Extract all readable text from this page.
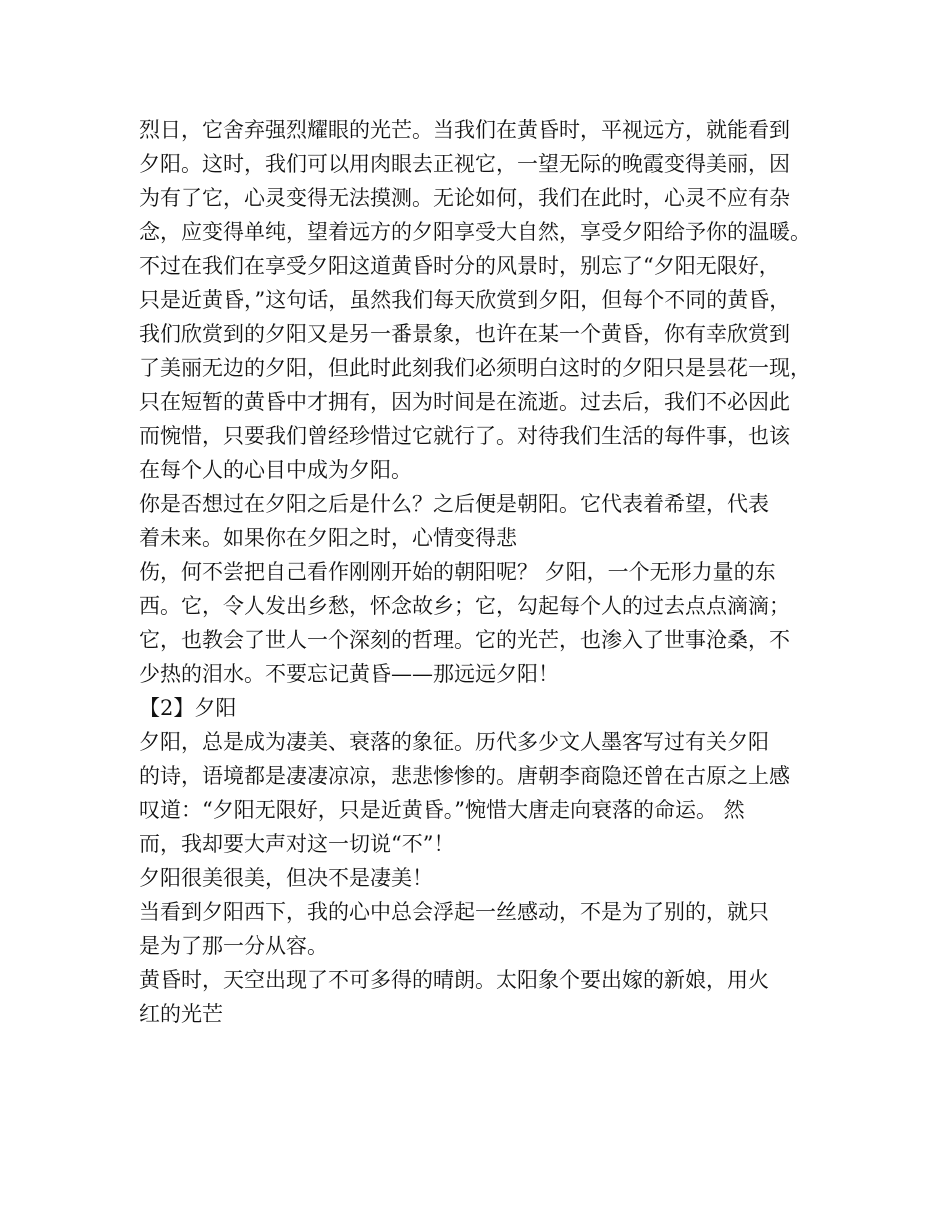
烈日，它舍弃强烈耀眼的光芒。当我们在黄昏时，平视远方，就能看到
夕阳。这时，我们可以用肉眼去正视它，一望无际的晚霞变得美丽，因
为有了它，心灵变得无法摸测。无论如何，我们在此时，心灵不应有杂
念，应变得单纯，望着远方的夕阳享受大自然，享受夕阳给予你的温暖。
不过在我们在享受夕阳这道黄昏时分的风景时，别忘了“夕阳无限好，
只是近黄昏，”这句话，虽然我们每天欣赏到夕阳，但每个不同的黄昏，
我们欣赏到的夕阳又是另一番景象，也许在某一个黄昏，你有幸欣赏到
了美丽无边的夕阳，但此时此刻我们必须明白这时的夕阳只是昙花一现，
只在短暂的黄昏中才拥有，因为时间是在流逝。过去后，我们不必因此
而惋惜，只要我们曾经珍惜过它就行了。对待我们生活的每件事，也该
在每个人的心目中成为夕阳。
你是否想过在夕阳之后是什么？之后便是朝阳。它代表着希望，代表
着未来。如果你在夕阳之时，心情变得悲
伤，何不尝把自己看作刚刚开始的朝阳呢？ 夕阳，一个无形力量的东
西。它，令人发出乡愁，怀念故乡；它，勾起每个人的过去点点滴滴；
它，也教会了世人一个深刻的哲理。它的光芒，也渗入了世事沧桑，不
少热的泪水。不要忘记黄昏——那远远夕阳！
【2】夕阳
夕阳，总是成为凄美、衰落的象征。历代多少文人墨客写过有关夕阳
的诗，语境都是凄凄凉凉，悲悲惨惨的。唐朝李商隐还曾在古原之上感
叹道：“夕阳无限好，只是近黄昏。”惋惜大唐走向衰落的命运。 然
而，我却要大声对这一切说“不”！
夕阳很美很美，但决不是凄美！
当看到夕阳西下，我的心中总会浮起一丝感动，不是为了别的，就只
是为了那一分从容。
黄昏时，天空出现了不可多得的晴朗。太阳象个要出嫁的新娘，用火
红的光芒
